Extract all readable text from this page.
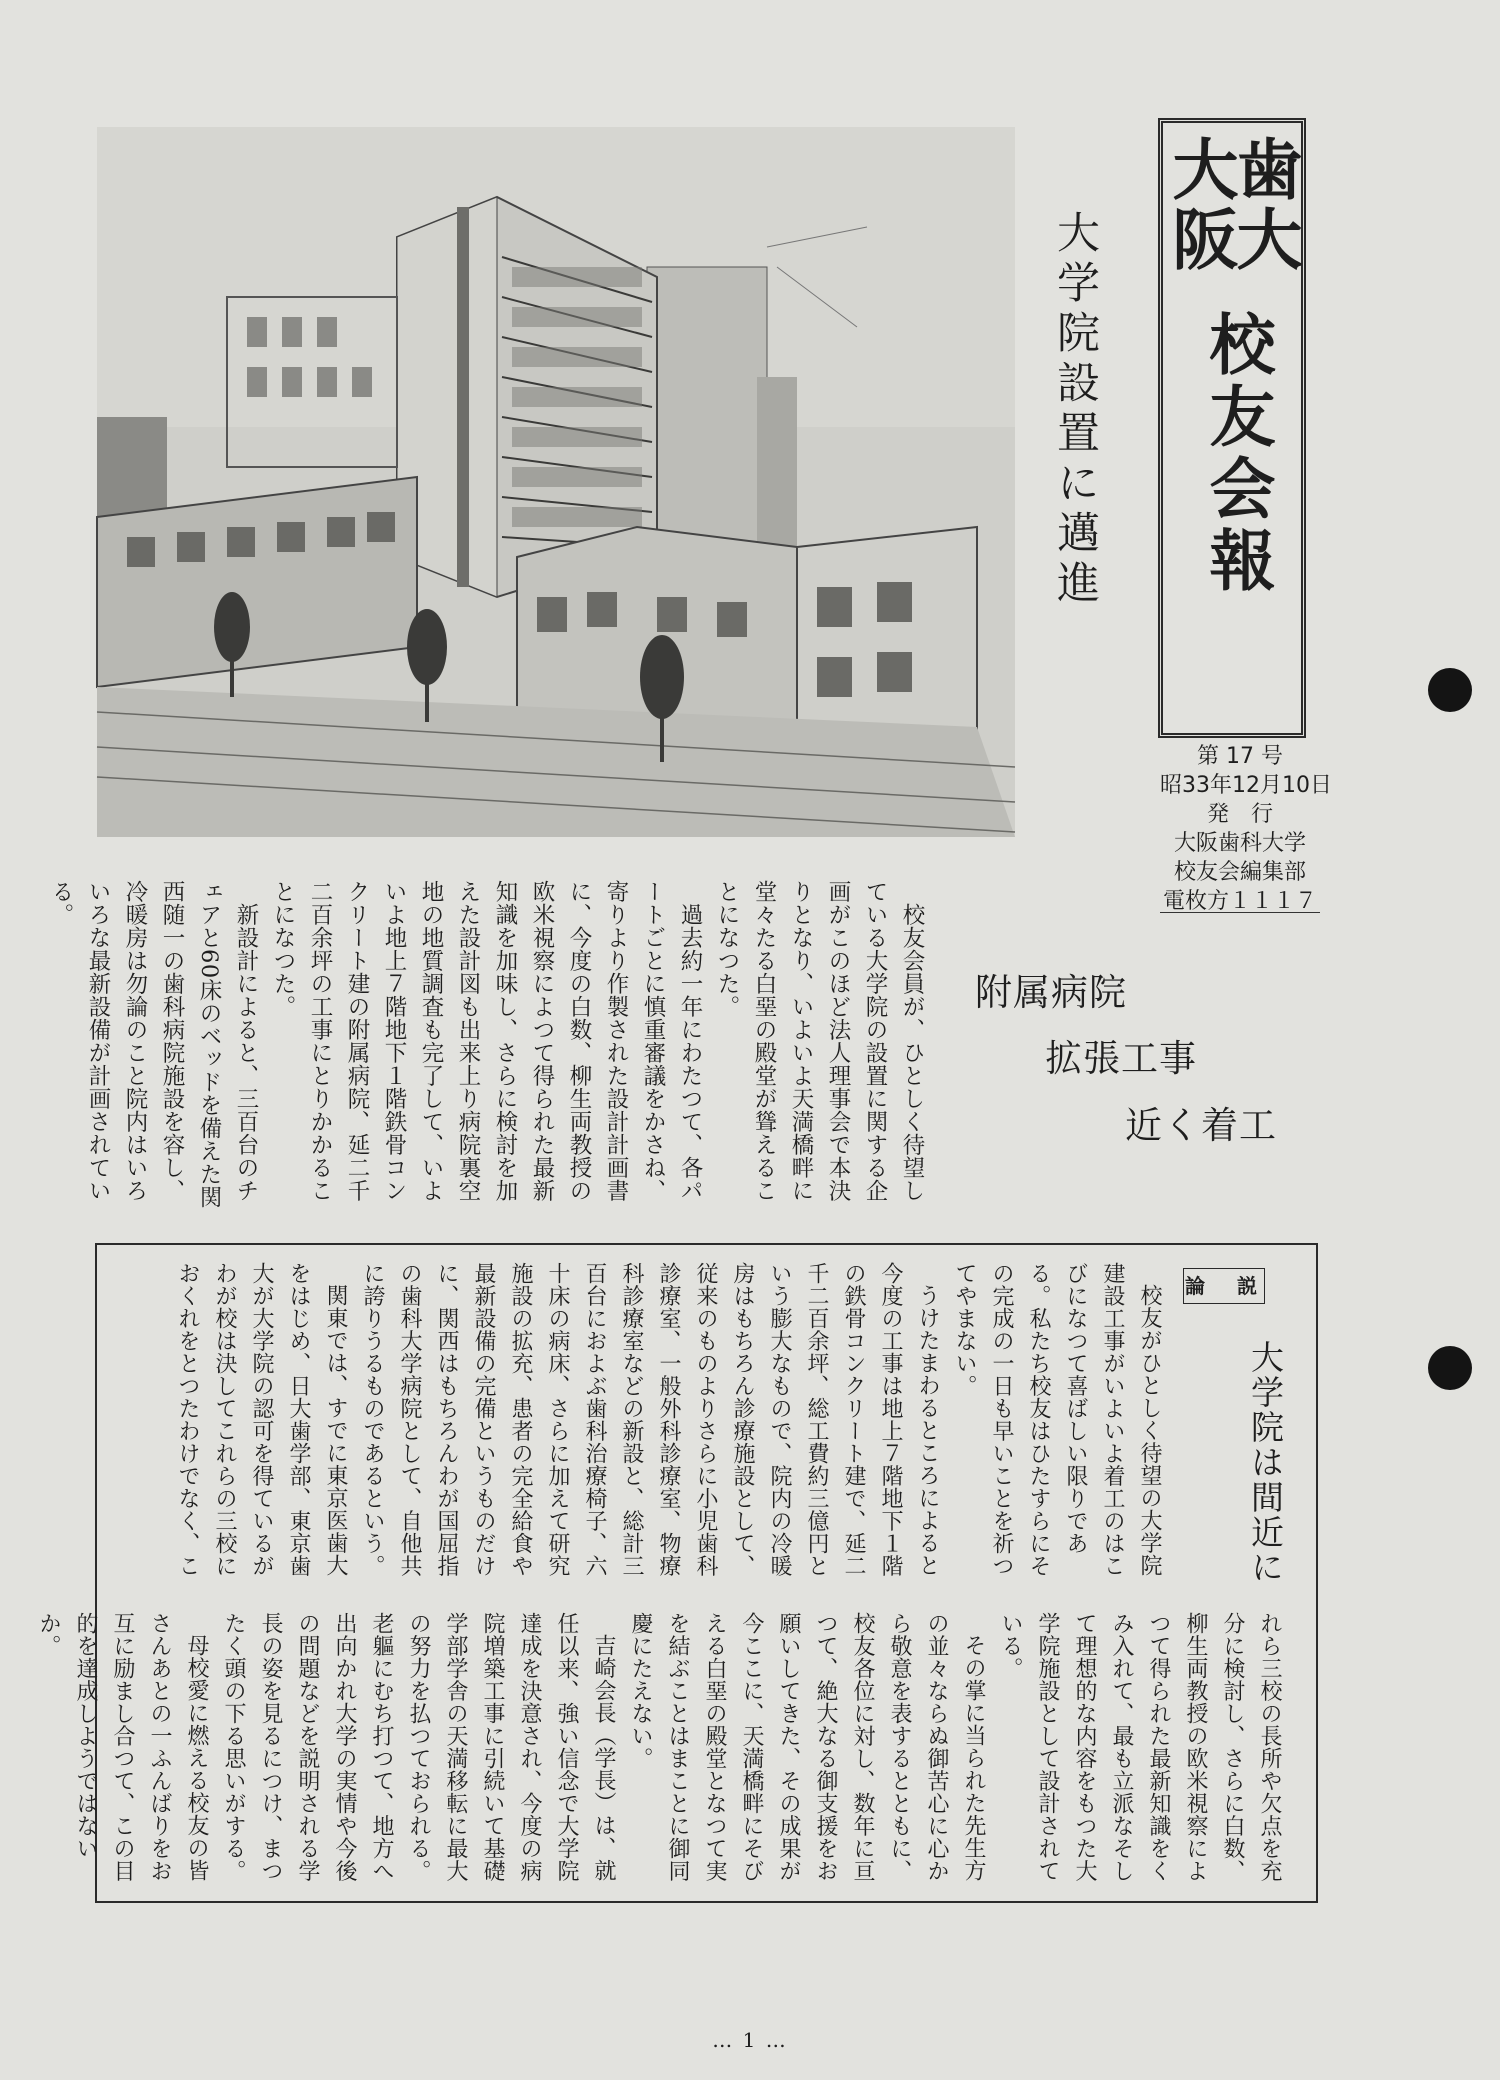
大学院設置に邁進
大阪
歯大
校友会報
第 17 号
昭33年12月10日
発　行
大阪歯科大学
校友会編集部
電枚方１１１７
附属病院
拡張工事
近く着工

校友会員が、ひとしく待望している大学院の設置に関する企画がこのほど法人理事会で本決りとなり、いよいよ天満橋畔に堂々たる白堊の殿堂が聳えることになつた。

過去約一年にわたつて、各パートごとに慎重審議をかさね、寄りより作製された設計計画書に、今度の白数、柳生両教授の欧米視察によつて得られた最新知識を加味し、さらに検討を加えた設計図も出来上り病院裏空地の地質調査も完了して、いよいよ地上７階地下１階鉄骨コンクリート建の附属病院、延二千二百余坪の工事にとりかかることになつた。

新設計によると、三百台のチェアと60床のベッドを備えた関西随一の歯科病院施設を容し、冷暖房は勿論のこと院内はいろいろな最新設備が計画されている。

論　説
大学院は間近に

校友がひとしく待望の大学院建設工事がいよいよ着工のはこびになつて喜ばしい限りである。私たち校友はひたすらにその完成の一日も早いことを祈つてやまない。

うけたまわるところによると今度の工事は地上７階地下１階の鉄骨コンクリート建で、延二千二百余坪、総工費約三億円という膨大なもので、院内の冷暖房はもちろん診療施設として、従来のものよりさらに小児歯科診療室、一般外科診療室、物療科診療室などの新設と、総計三百台におよぶ歯科治療椅子、六十床の病床、さらに加えて研究施設の拡充、患者の完全給食や最新設備の完備というものだけに、関西はもちろんわが国屈指の歯科大学病院として、自他共に誇りうるものであるという。

関東では、すでに東京医歯大をはじめ、日大歯学部、東京歯大が大学院の認可を得ているがわが校は決してこれらの三校におくれをとつたわけでなく、こ

れら三校の長所や欠点を充分に検討し、さらに白数、柳生両教授の欧米視察によつて得られた最新知識をくみ入れて、最も立派なそして理想的な内容をもつた大学院施設として設計されている。

その掌に当られた先生方の並々ならぬ御苦心に心から敬意を表するとともに、校友各位に対し、数年に亘つて、絶大なる御支援をお願いしてきた、その成果が今ここに、天満橋畔にそびえる白堊の殿堂となつて実を結ぶことはまことに御同慶にたえない。

吉崎会長（学長）は、就任以来、強い信念で大学院達成を決意され、今度の病院増築工事に引続いて基礎学部学舎の天満移転に最大の努力を払つておられる。老軀にむち打つて、地方へ出向かれ大学の実情や今後の問題などを説明される学長の姿を見るにつけ、まつたく頭の下る思いがする。

母校愛に燃える校友の皆さんあとの一ふんばりをお互に励まし合つて、この目的を達成しようではないか。

… 1 …
